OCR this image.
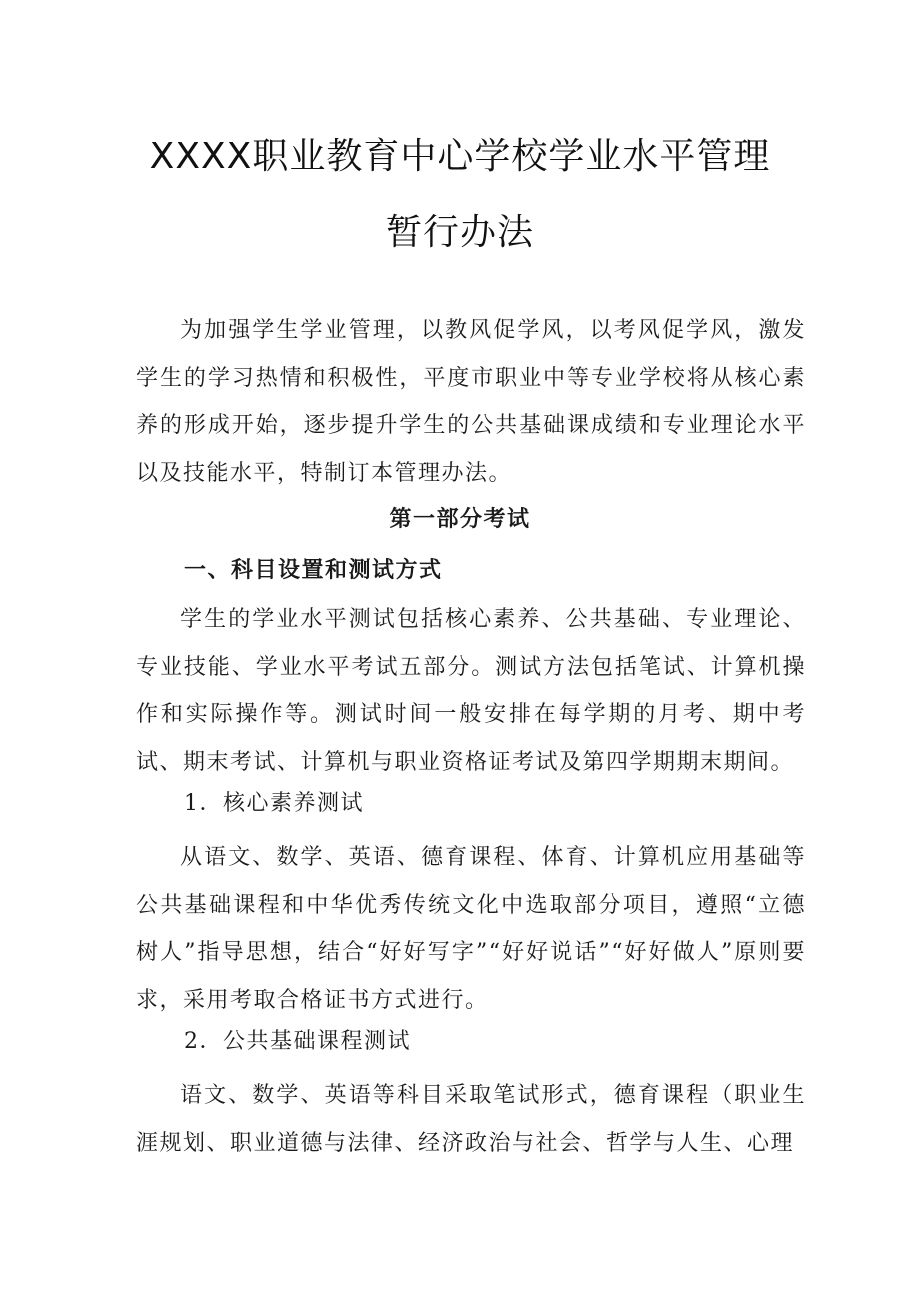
XXXX职业教育中心学校学业水平管理
暂行办法

为加强学生学业管理，以教风促学风，以考风促学风，激发学生的学习热情和积极性，平度市职业中等专业学校将从核心素养的形成开始，逐步提升学生的公共基础课成绩和专业理论水平以及技能水平，特制订本管理办法。

第一部分考试

一、科目设置和测试方式

学生的学业水平测试包括核心素养、公共基础、专业理论、专业技能、学业水平考试五部分。测试方法包括笔试、计算机操作和实际操作等。测试时间一般安排在每学期的月考、期中考试、期末考试、计算机与职业资格证考试及第四学期期末期间。

1．核心素养测试

从语文、数学、英语、德育课程、体育、计算机应用基础等公共基础课程和中华优秀传统文化中选取部分项目，遵照“立德树人”指导思想，结合“好好写字”“好好说话”“好好做人”原则要求，采用考取合格证书方式进行。

2．公共基础课程测试

语文、数学、英语等科目采取笔试形式，德育课程（职业生涯规划、职业道德与法律、经济政治与社会、哲学与人生、心理
